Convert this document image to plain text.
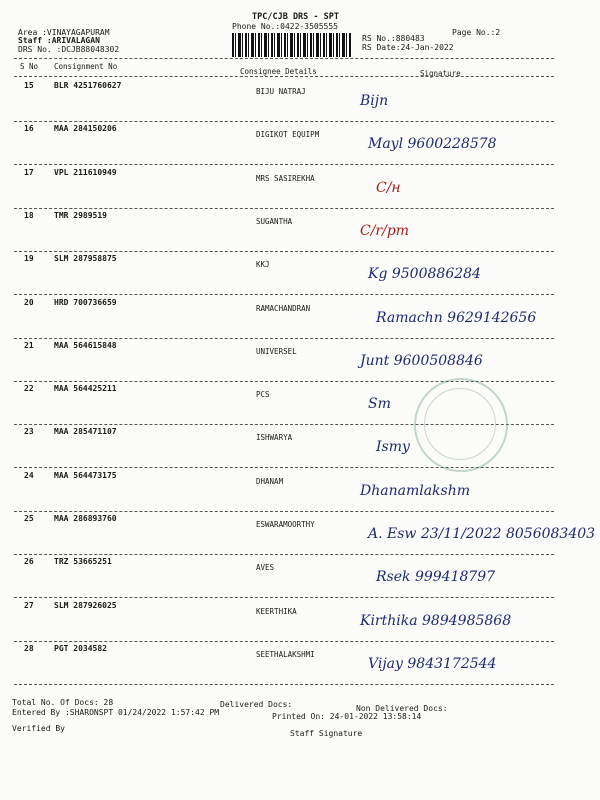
TPC/CJB DRS - SPT
Phone No.:0422-3505555
Page No.:2
Area :VINAYAGAPURAM
Staff :ARIVALAGAN
DRS No. :DCJB88048302
RS No.:880483
RS Date:24-Jan-2022
S No Consignment No
Consignee Details	Signature
15	BLR 4251760627
BIJU NATRAJ
Bijn
16	MAA 284150206
DIGIKOT EQUIPM
Mayl 9600228578
17	VPL 211610949
MRS SASIREKHA
C/н
18	TMR 2989519
SUGANTHA
C/r/pm
19	SLM 287958875
KKJ
Kg 9500886284
20	HRD 700736659
RAMACHANDRAN
Ramachn 9629142656
21	MAA 564615848
UNIVERSEL
Junt 9600508846
22	MAA 564425211
PCS
Sm
23	MAA 285471107
ISHWARYA
Ismy
24	MAA 564473175
DHANAM
Dhanamlakshm
25	MAA 286893760
ESWARAMOORTHY
A. Esw 23/11/2022 8056083403
26	TRZ 53665251
AVES
Rsek 999418797
27	SLM 287926025
KEERTHIKA
Kirthika 9894985868
28	PGT 2034582
SEETHALAKSHMI
Vijay 9843172544
Total No. Of Docs: 28	Delivered Docs:	Non Delivered Docs:
Entered By :SHARONSPT 01/24/2022 1:57:42 PM	Printed On: 24-01-2022 13:58:14
Verified By
Staff Signature
